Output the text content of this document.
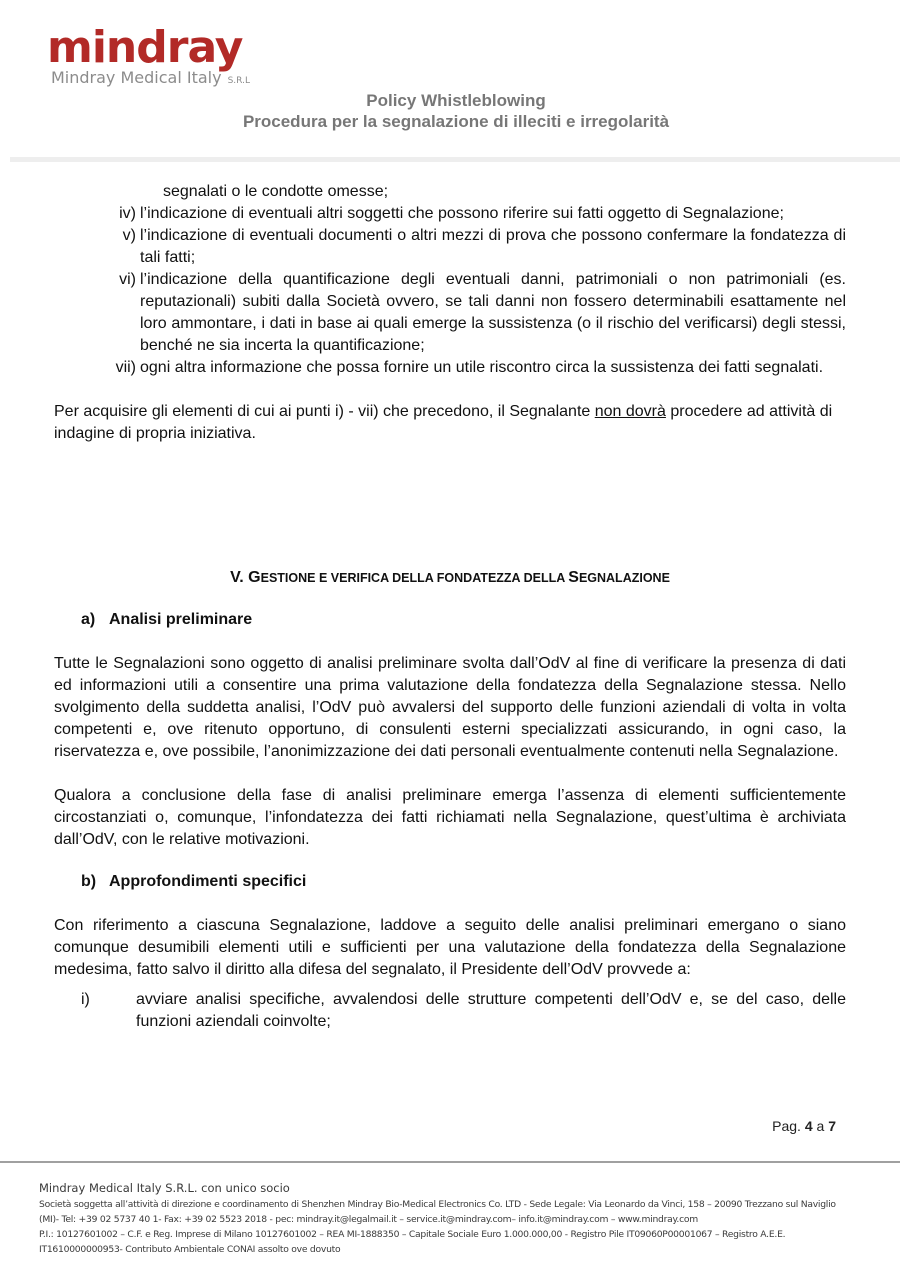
mindray
Mindray Medical Italy S.R.L
Policy Whistleblowing
Procedura per la segnalazione di illeciti e irregolarità
segnalati o le condotte omesse;
iv) l’indicazione di eventuali altri soggetti che possono riferire sui fatti oggetto di Segnalazione;
v) l’indicazione di eventuali documenti o altri mezzi di prova che possono confermare la fondatezza di tali fatti;
vi) l’indicazione della quantificazione degli eventuali danni, patrimoniali o non patrimoniali (es. reputazionali) subiti dalla Società ovvero, se tali danni non fossero determinabili esattamente nel loro ammontare, i dati in base ai quali emerge la sussistenza (o il rischio del verificarsi) degli stessi, benché ne sia incerta la quantificazione;
vii) ogni altra informazione che possa fornire un utile riscontro circa la sussistenza dei fatti segnalati.

Per acquisire gli elementi di cui ai punti i) - vii) che precedono, il Segnalante non dovrà procedere ad attività di indagine di propria iniziativa.

V. GESTIONE E VERIFICA DELLA FONDATEZZA DELLA SEGNALAZIONE
a) Analisi preliminare

Tutte le Segnalazioni sono oggetto di analisi preliminare svolta dall’OdV al fine di verificare la presenza di dati ed informazioni utili a consentire una prima valutazione della fondatezza della Segnalazione stessa. Nello svolgimento della suddetta analisi, l’OdV può avvalersi del supporto delle funzioni aziendali di volta in volta competenti e, ove ritenuto opportuno, di consulenti esterni specializzati assicurando, in ogni caso, la riservatezza e, ove possibile, l’anonimizzazione dei dati personali eventualmente contenuti nella Segnalazione.

Qualora a conclusione della fase di analisi preliminare emerga l’assenza di elementi sufficientemente circostanziati o, comunque, l’infondatezza dei fatti richiamati nella Segnalazione, quest’ultima è archiviata dall’OdV, con le relative motivazioni.

b) Approfondimenti specifici

Con riferimento a ciascuna Segnalazione, laddove a seguito delle analisi preliminari emergano o siano comunque desumibili elementi utili e sufficienti per una valutazione della fondatezza della Segnalazione medesima, fatto salvo il diritto alla difesa del segnalato, il Presidente dell’OdV provvede a:

i)	avviare analisi specifiche, avvalendosi delle strutture competenti dell’OdV e, se del caso, delle funzioni aziendali coinvolte;
Pag. 4 a 7
Mindray Medical Italy S.R.L. con unico socio
Società soggetta all’attività di direzione e coordinamento di Shenzhen Mindray Bio-Medical Electronics Co. LTD - Sede Legale: Via Leonardo da Vinci, 158 – 20090 Trezzano sul Naviglio
(MI)- Tel: +39 02 5737 40 1- Fax: +39 02 5523 2018 - pec: mindray.it@legalmail.it – service.it@mindray.com– info.it@mindray.com – www.mindray.com
P.I.: 10127601002 – C.F. e Reg. Imprese di Milano 10127601002 – REA MI-1888350 – Capitale Sociale Euro 1.000.000,00 - Registro Pile IT09060P00001067 – Registro A.E.E.
IT1610000000953- Contributo Ambientale CONAI assolto ove dovuto
